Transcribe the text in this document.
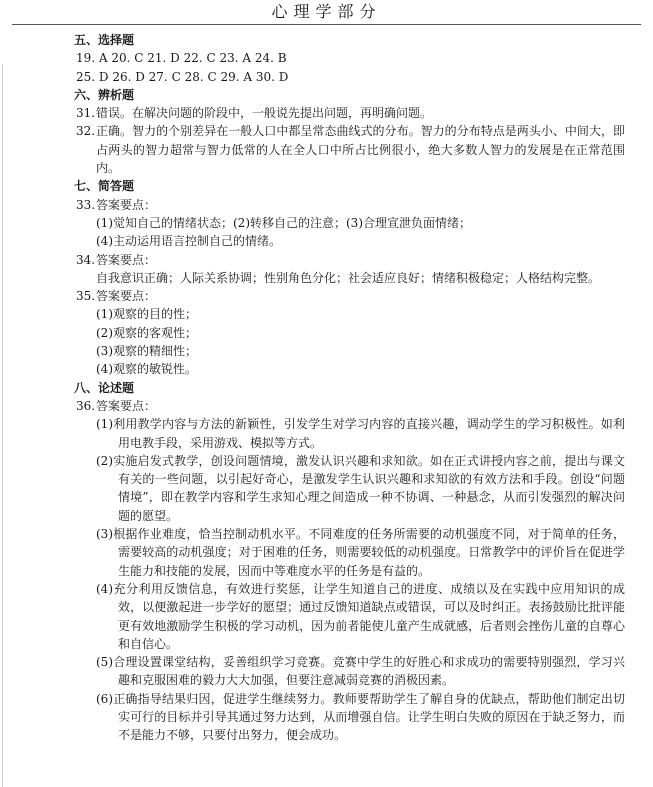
心理学部分
五、选择题
19. A 20. C 21. D 22. C 23. A 24. B
25. D 26. D 27. C 28. C 29. A 30. D
六、辨析题
31. 错误。在解决问题的阶段中，一般说先提出问题，再明确问题。
32. 正确。智力的个别差异在一般人口中都呈常态曲线式的分布。智力的分布特点是两头小、中间大，即占两头的智力超常与智力低常的人在全人口中所占比例很小，绝大多数人智力的发展是在正常范围内。
七、简答题
33. 答案要点：
(1)觉知自己的情绪状态；(2)转移自己的注意；(3)合理宣泄负面情绪；
(4)主动运用语言控制自己的情绪。
34. 答案要点：
自我意识正确；人际关系协调；性别角色分化；社会适应良好；情绪积极稳定；人格结构完整。
35. 答案要点：
(1)观察的目的性；
(2)观察的客观性；
(3)观察的精细性；
(4)观察的敏锐性。
八、论述题
36. 答案要点：
(1)利用教学内容与方法的新颖性，引发学生对学习内容的直接兴趣，调动学生的学习积极性。如利用电教手段，采用游戏、模拟等方式。
(2)实施启发式教学，创设问题情境，激发认识兴趣和求知欲。如在正式讲授内容之前，提出与课文有关的一些问题，以引起好奇心，是激发学生认识兴趣和求知欲的有效方法和手段。创设“问题情境”，即在教学内容和学生求知心理之间造成一种不协调、一种悬念，从而引发强烈的解决问题的愿望。
(3)根据作业难度，恰当控制动机水平。不同难度的任务所需要的动机强度不同，对于简单的任务，需要较高的动机强度；对于困难的任务，则需要较低的动机强度。日常教学中的评价旨在促进学生能力和技能的发展，因而中等难度水平的任务是有益的。
(4)充分利用反馈信息，有效进行奖惩，让学生知道自己的进度、成绩以及在实践中应用知识的成效，以便激起进一步学好的愿望；通过反馈知道缺点或错误，可以及时纠正。表扬鼓励比批评能更有效地激励学生积极的学习动机，因为前者能使儿童产生成就感，后者则会挫伤儿童的自尊心和自信心。
(5)合理设置课堂结构，妥善组织学习竞赛。竞赛中学生的好胜心和求成功的需要特别强烈，学习兴趣和克服困难的毅力大大加强，但要注意减弱竞赛的消极因素。
(6)正确指导结果归因，促进学生继续努力。教师要帮助学生了解自身的优缺点，帮助他们制定出切实可行的目标并引导其通过努力达到，从而增强自信。让学生明白失败的原因在于缺乏努力，而不是能力不够，只要付出努力，便会成功。
